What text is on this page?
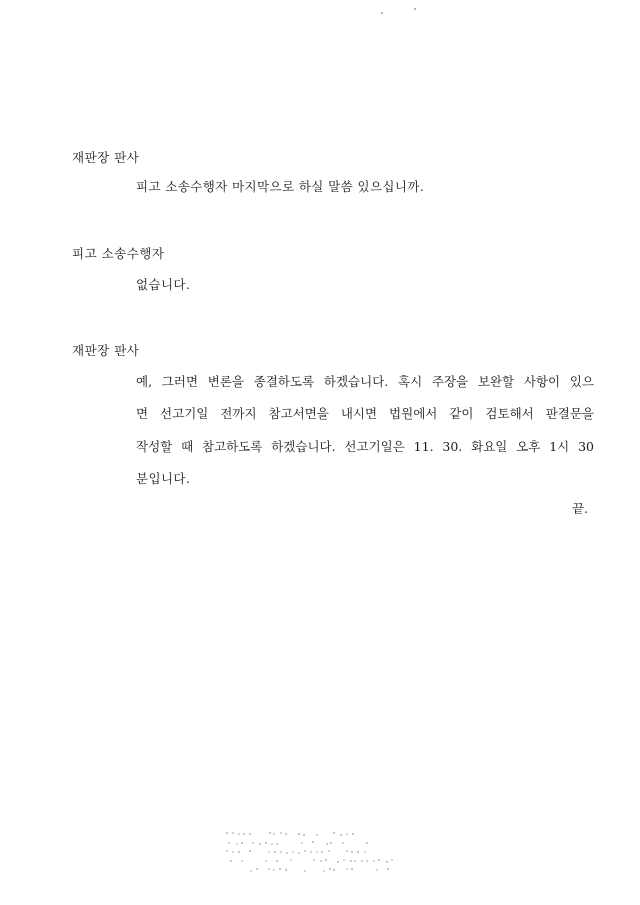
재판장 판사
피고 소송수행자 마지막으로 하실 말씀 있으십니까.
피고 소송수행자
없습니다.
재판장 판사
예, 그러면 변론을 종결하도록 하겠습니다. 혹시 주장을 보완할 사항이 있으
면 선고기일 전까지 참고서면을 내시면 법원에서 같이 검토해서 판결문을
작성할 때 참고하도록 하겠습니다. 선고기일은 11. 30. 화요일 오후 1시 30
분입니다.
끝.
